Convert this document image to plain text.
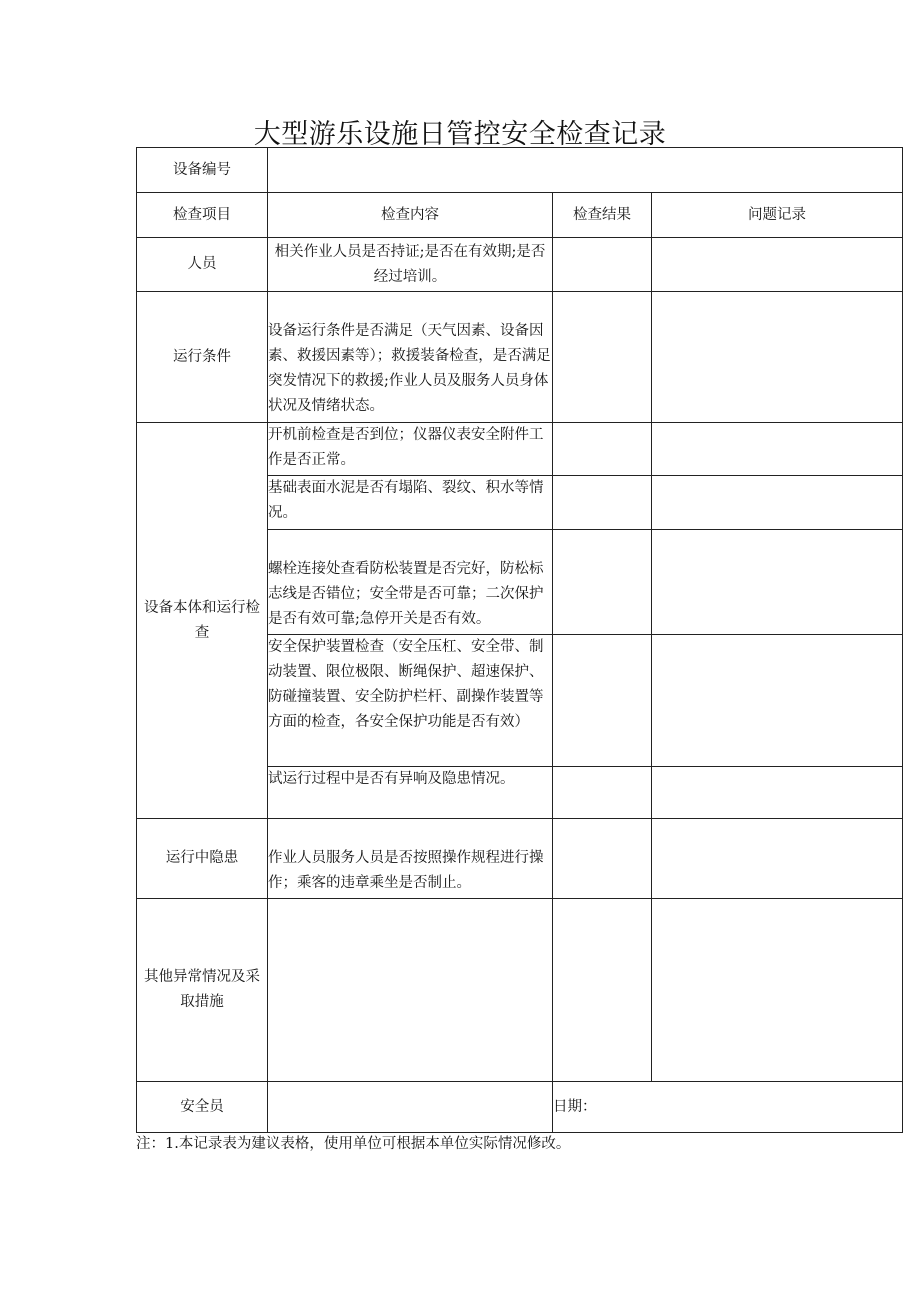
大型游乐设施日管控安全检查记录
设备编号			
检查项目	检查内容	检查结果	问题记录
人员	相关作业人员是否持证;是否在有效期;是否经过培训。		
运行条件	设备运行条件是否满足（天气因素、设备因素、救援因素等）；救援装备检查，是否满足突发情况下的救援;作业人员及服务人员身体状况及情绪状态。		
设备本体和运行检查	开机前检查是否到位；仪器仪表安全附件工作是否正常。		
	基础表面水泥是否有塌陷、裂纹、积水等情况。		
	螺栓连接处查看防松装置是否完好，防松标志线是否错位；安全带是否可靠；二次保护是否有效可靠;急停开关是否有效。		
	安全保护装置检查（安全压杠、安全带、制动装置、限位极限、断绳保护、超速保护、防碰撞装置、安全防护栏杆、副操作装置等方面的检查，各安全保护功能是否有效）		
	试运行过程中是否有异响及隐患情况。		
运行中隐患	作业人员服务人员是否按照操作规程进行操作；乘客的违章乘坐是否制止。		
其他异常情况及采取措施			
安全员		日期：	
注：1.本记录表为建议表格，使用单位可根据本单位实际情况修改。
